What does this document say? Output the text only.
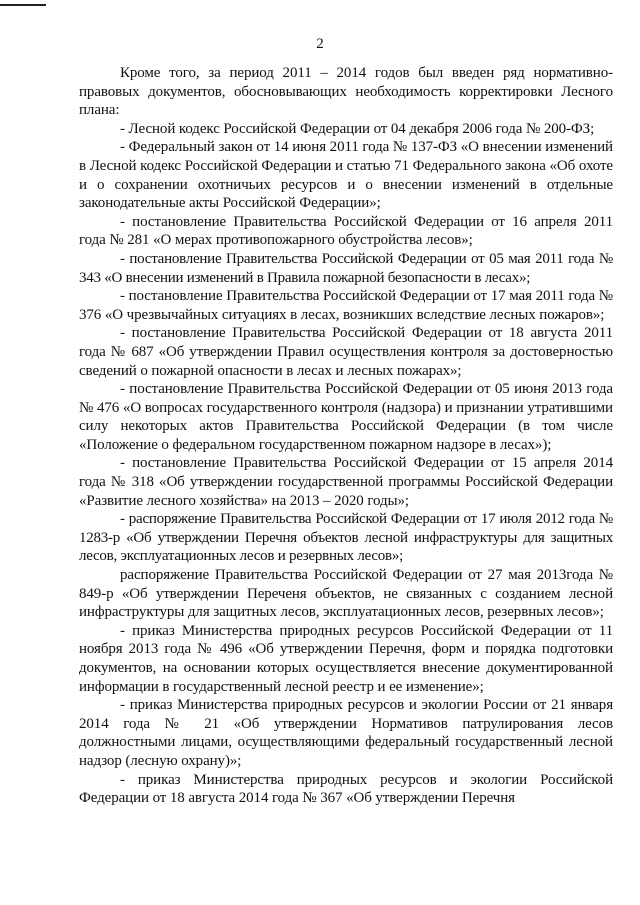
2

Кроме того, за период 2011 – 2014 годов был введен ряд нормативно-правовых документов, обосновывающих необходимость корректировки Лесного плана:

- Лесной кодекс Российской Федерации от 04 декабря 2006 года № 200-ФЗ;

- Федеральный закон от 14 июня 2011 года № 137-ФЗ «О внесении изменений в Лесной кодекс Российской Федерации и статью 71 Федерального закона «Об охоте и о сохранении охотничьих ресурсов и о внесении изменений в отдельные законодательные акты Российской Федерации»;

- постановление Правительства Российской Федерации от 16 апреля 2011 года № 281 «О мерах противопожарного обустройства лесов»;

- постановление Правительства Российской Федерации от 05 мая 2011 года № 343 «О внесении изменений в Правила пожарной безопасности в лесах»;

- постановление Правительства Российской Федерации от 17 мая 2011 года № 376 «О чрезвычайных ситуациях в лесах, возникших вследствие лесных пожаров»;

- постановление Правительства Российской Федерации от 18 августа 2011 года № 687 «Об утверждении Правил осуществления контроля за достоверностью сведений о пожарной опасности в лесах и лесных пожарах»;

- постановление Правительства Российской Федерации от 05 июня 2013 года № 476 «О вопросах государственного контроля (надзора) и признании утратившими силу некоторых актов Правительства Российской Федерации (в том числе «Положение о федеральном государственном пожарном надзоре в лесах»);

- постановление Правительства Российской Федерации от 15 апреля 2014 года № 318 «Об утверждении государственной программы Российской Федерации «Развитие лесного хозяйства» на 2013 – 2020 годы»;

- распоряжение Правительства Российской Федерации от 17 июля 2012 года № 1283-р «Об утверждении Перечня объектов лесной инфраструктуры для защитных лесов, эксплуатационных лесов и резервных лесов»;

распоряжение Правительства Российской Федерации от 27 мая 2013года № 849-р «Об утверждении Переченя объектов, не связанных с созданием лесной инфраструктуры для защитных лесов, эксплуатационных лесов, резервных лесов»;

- приказ Министерства природных ресурсов Российской Федерации от 11 ноября 2013 года № 496 «Об утверждении Перечня, форм и порядка подготовки документов, на основании которых осуществляется внесение документированной информации в государственный лесной реестр и ее изменение»;

- приказ Министерства природных ресурсов и экологии России от 21 января 2014 года № 21 «Об утверждении Нормативов патрулирования лесов должностными лицами, осуществляющими федеральный государственный лесной надзор (лесную охрану)»;

- приказ Министерства природных ресурсов и экологии Российской Федерации от 18 августа 2014 года № 367 «Об утверждении Перечня
